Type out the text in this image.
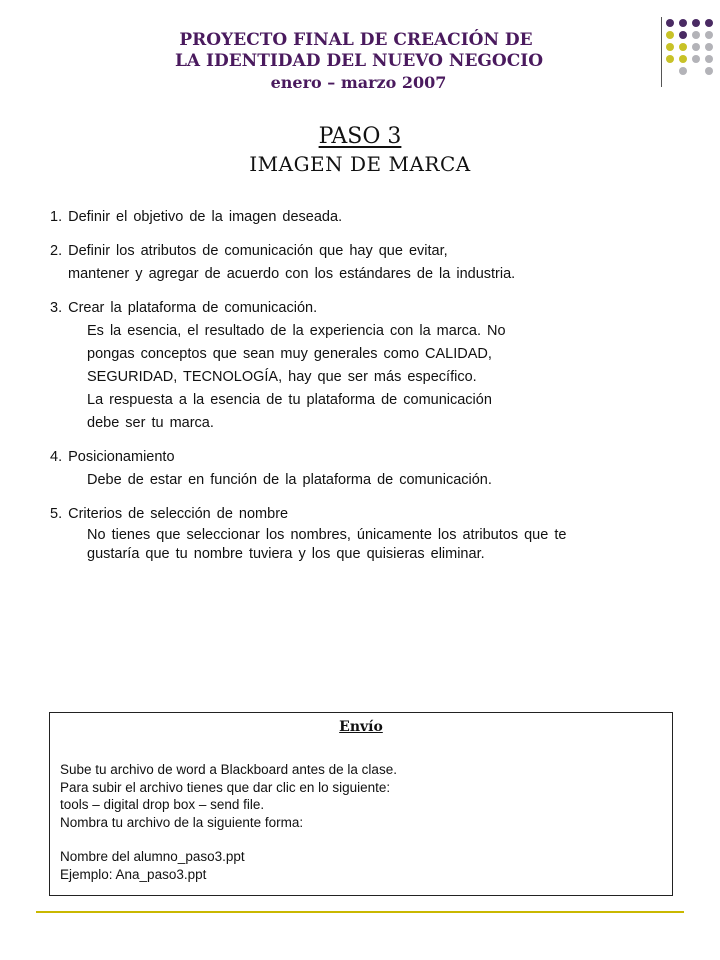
PROYECTO FINAL DE CREACIÓN DE
LA IDENTIDAD DEL NUEVO NEGOCIO
enero – marzo 2007
PASO 3
IMAGEN DE MARCA

1. Definir el objetivo de la imagen deseada.

2. Definir los atributos de comunicación que hay que evitar,

mantener y agregar de acuerdo con los estándares de la industria.

3. Crear la plataforma de comunicación.

Es la esencia, el resultado de la experiencia con la marca. No

pongas conceptos que sean muy generales como CALIDAD,

SEGURIDAD, TECNOLOGÍA, hay que ser más específico.

La respuesta a la esencia de tu plataforma de comunicación

debe ser tu marca.

4. Posicionamiento

Debe de estar en función de la plataforma de comunicación.

5. Criterios de selección de nombre

No tienes que seleccionar los nombres, únicamente los atributos que te

gustaría que tu nombre tuviera y los que quisieras eliminar.

Envío

Sube tu archivo de word a Blackboard antes de la clase.

Para subir el archivo tienes que dar clic en lo siguiente:

tools – digital drop box – send file.

Nombra tu archivo de la siguiente forma:

Nombre del alumno_paso3.ppt

Ejemplo: Ana_paso3.ppt
